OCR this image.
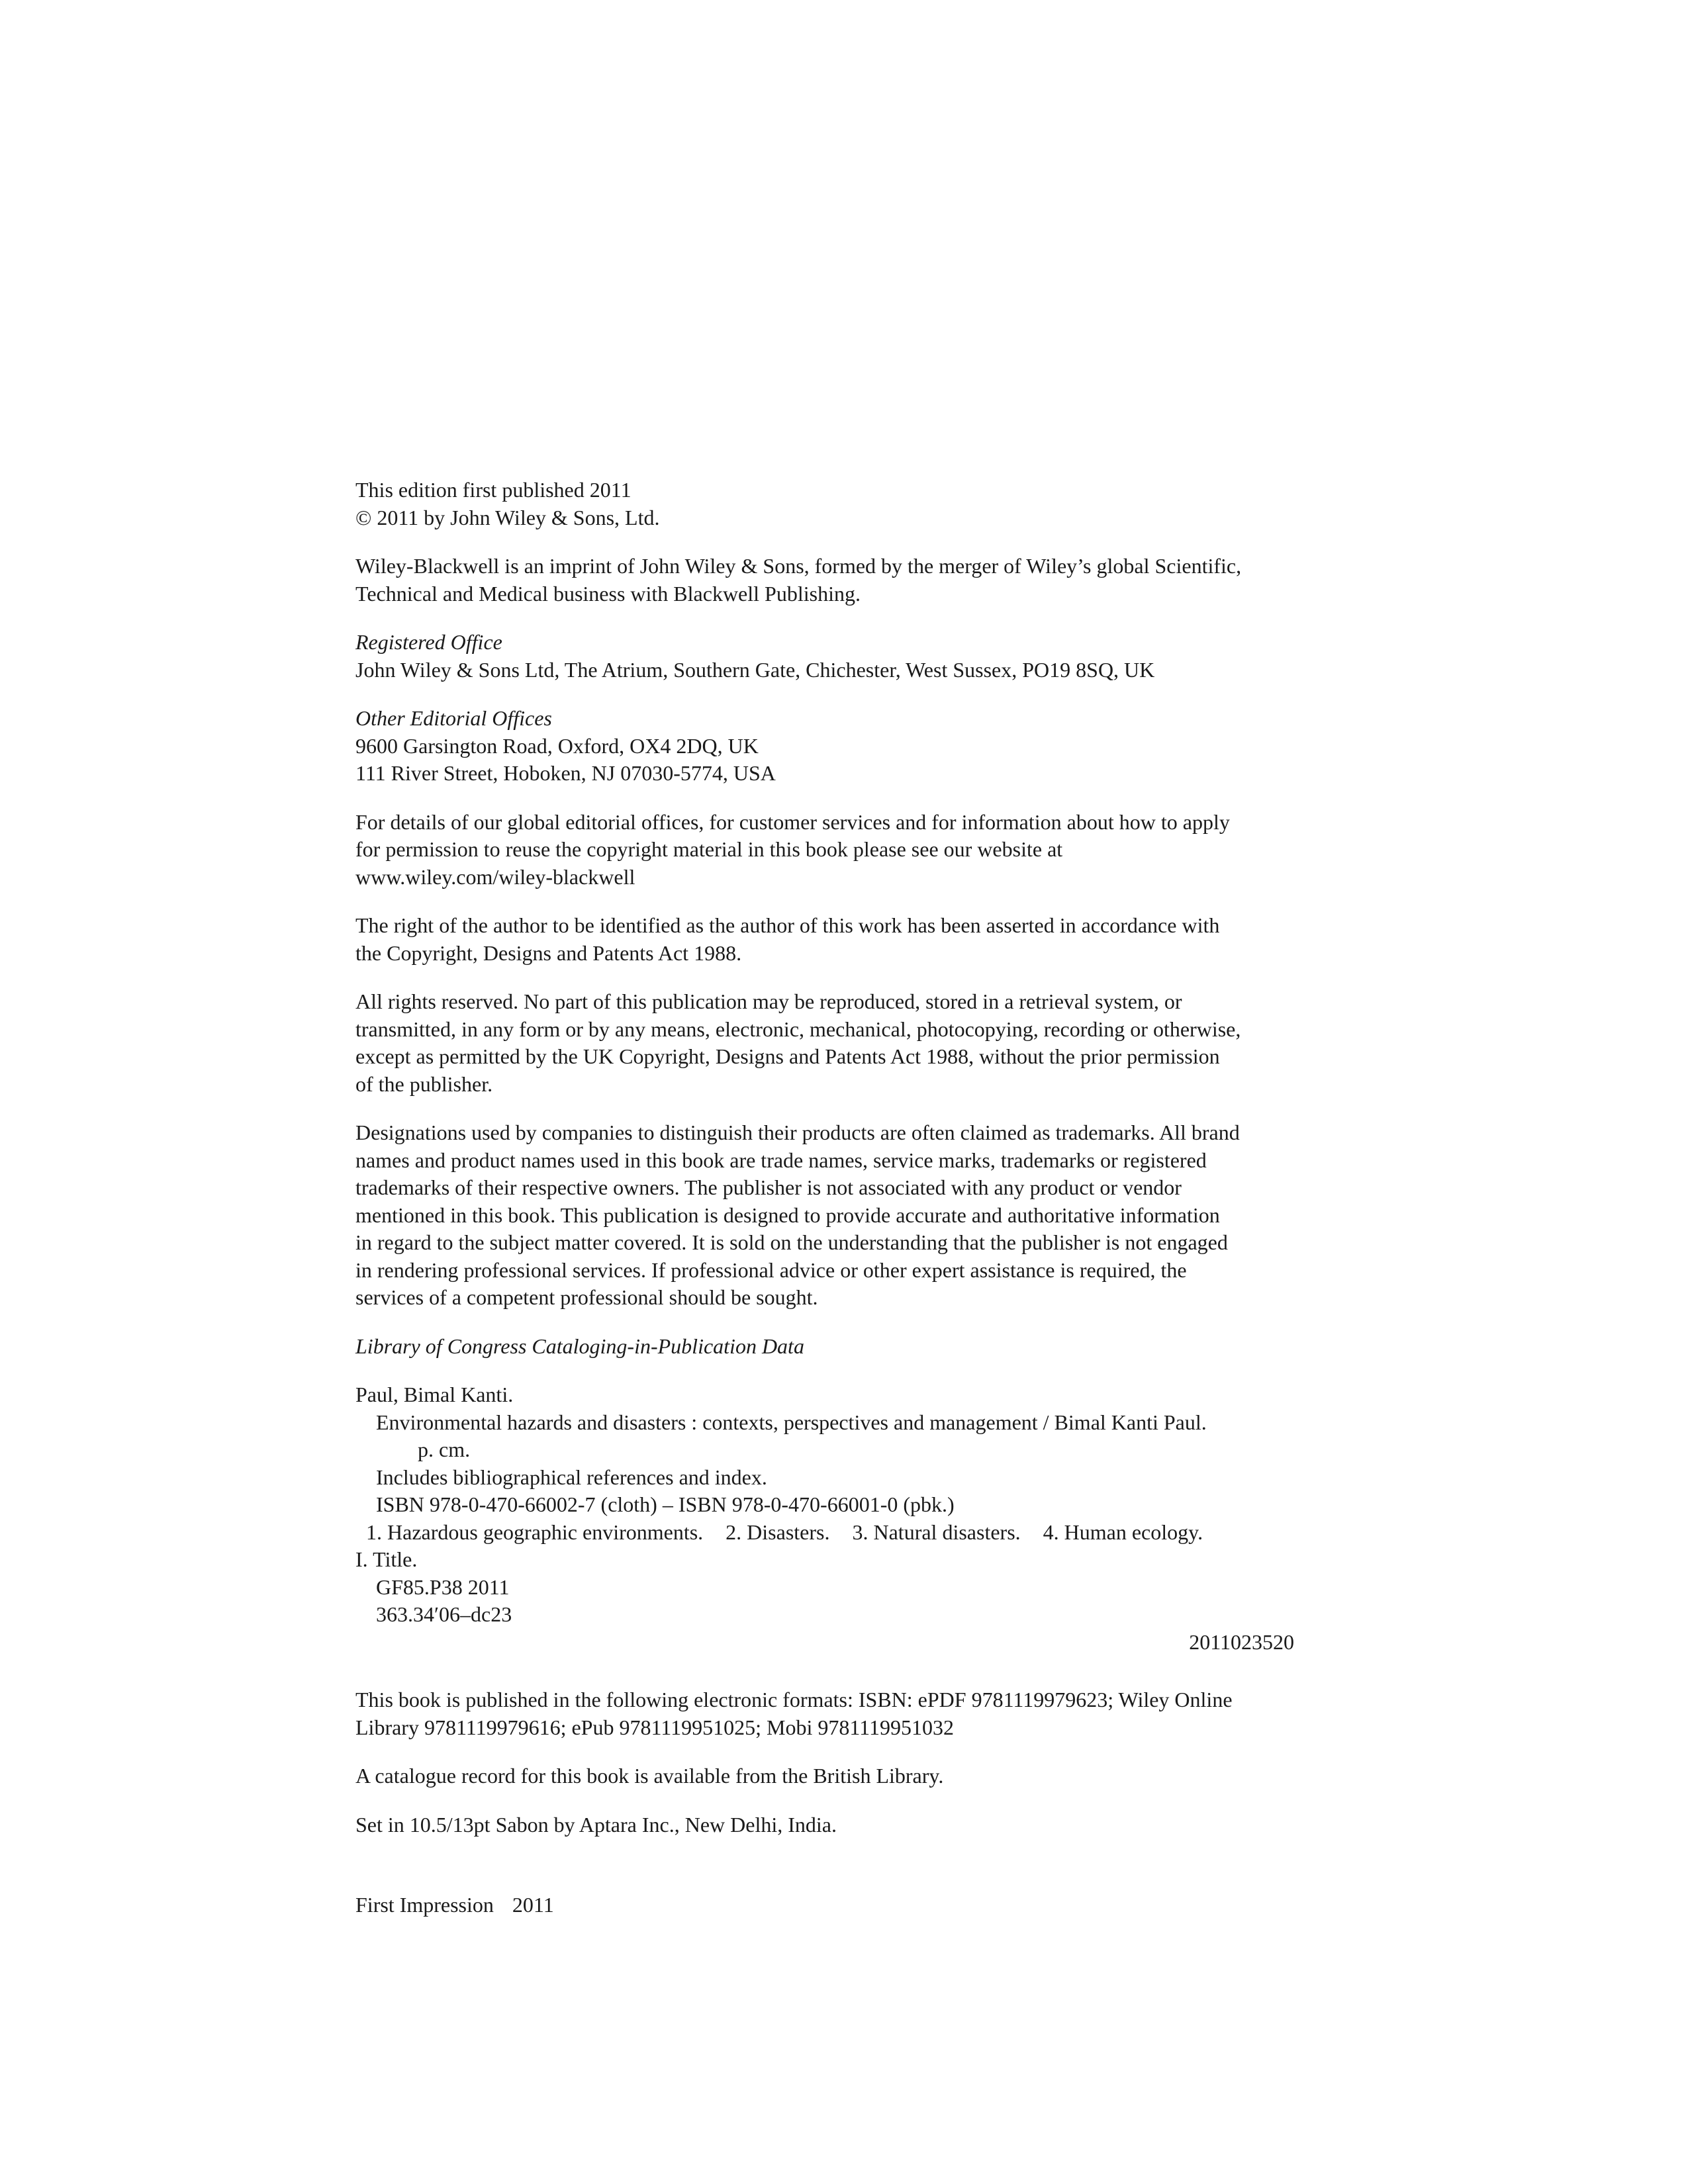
This edition first published 2011
© 2011 by John Wiley & Sons, Ltd.
Wiley-Blackwell is an imprint of John Wiley & Sons, formed by the merger of Wiley’s global Scientific,
Technical and Medical business with Blackwell Publishing.
Registered Office
John Wiley & Sons Ltd, The Atrium, Southern Gate, Chichester, West Sussex, PO19 8SQ, UK
Other Editorial Offices
9600 Garsington Road, Oxford, OX4 2DQ, UK
111 River Street, Hoboken, NJ 07030-5774, USA
For details of our global editorial offices, for customer services and for information about how to apply
for permission to reuse the copyright material in this book please see our website at
www.wiley.com/wiley-blackwell
The right of the author to be identified as the author of this work has been asserted in accordance with
the Copyright, Designs and Patents Act 1988.
All rights reserved. No part of this publication may be reproduced, stored in a retrieval system, or
transmitted, in any form or by any means, electronic, mechanical, photocopying, recording or otherwise,
except as permitted by the UK Copyright, Designs and Patents Act 1988, without the prior permission
of the publisher.
Designations used by companies to distinguish their products are often claimed as trademarks. All brand
names and product names used in this book are trade names, service marks, trademarks or registered
trademarks of their respective owners. The publisher is not associated with any product or vendor
mentioned in this book. This publication is designed to provide accurate and authoritative information
in regard to the subject matter covered. It is sold on the understanding that the publisher is not engaged
in rendering professional services. If professional advice or other expert assistance is required, the
services of a competent professional should be sought.
Library of Congress Cataloging-in-Publication Data
Paul, Bimal Kanti.
Environmental hazards and disasters : contexts, perspectives and management / Bimal Kanti Paul.
p. cm.
Includes bibliographical references and index.
ISBN 978-0-470-66002-7 (cloth) – ISBN 978-0-470-66001-0 (pbk.)
1. Hazardous geographic environments. 2. Disasters. 3. Natural disasters. 4. Human ecology.
I. Title.
GF85.P38 2011
363.34′06–dc23
2011023520
This book is published in the following electronic formats: ISBN: ePDF 9781119979623; Wiley Online
Library 9781119979616; ePub 9781119951025; Mobi 9781119951032
A catalogue record for this book is available from the British Library.
Set in 10.5/13pt Sabon by Aptara Inc., New Delhi, India.
First Impression 2011
